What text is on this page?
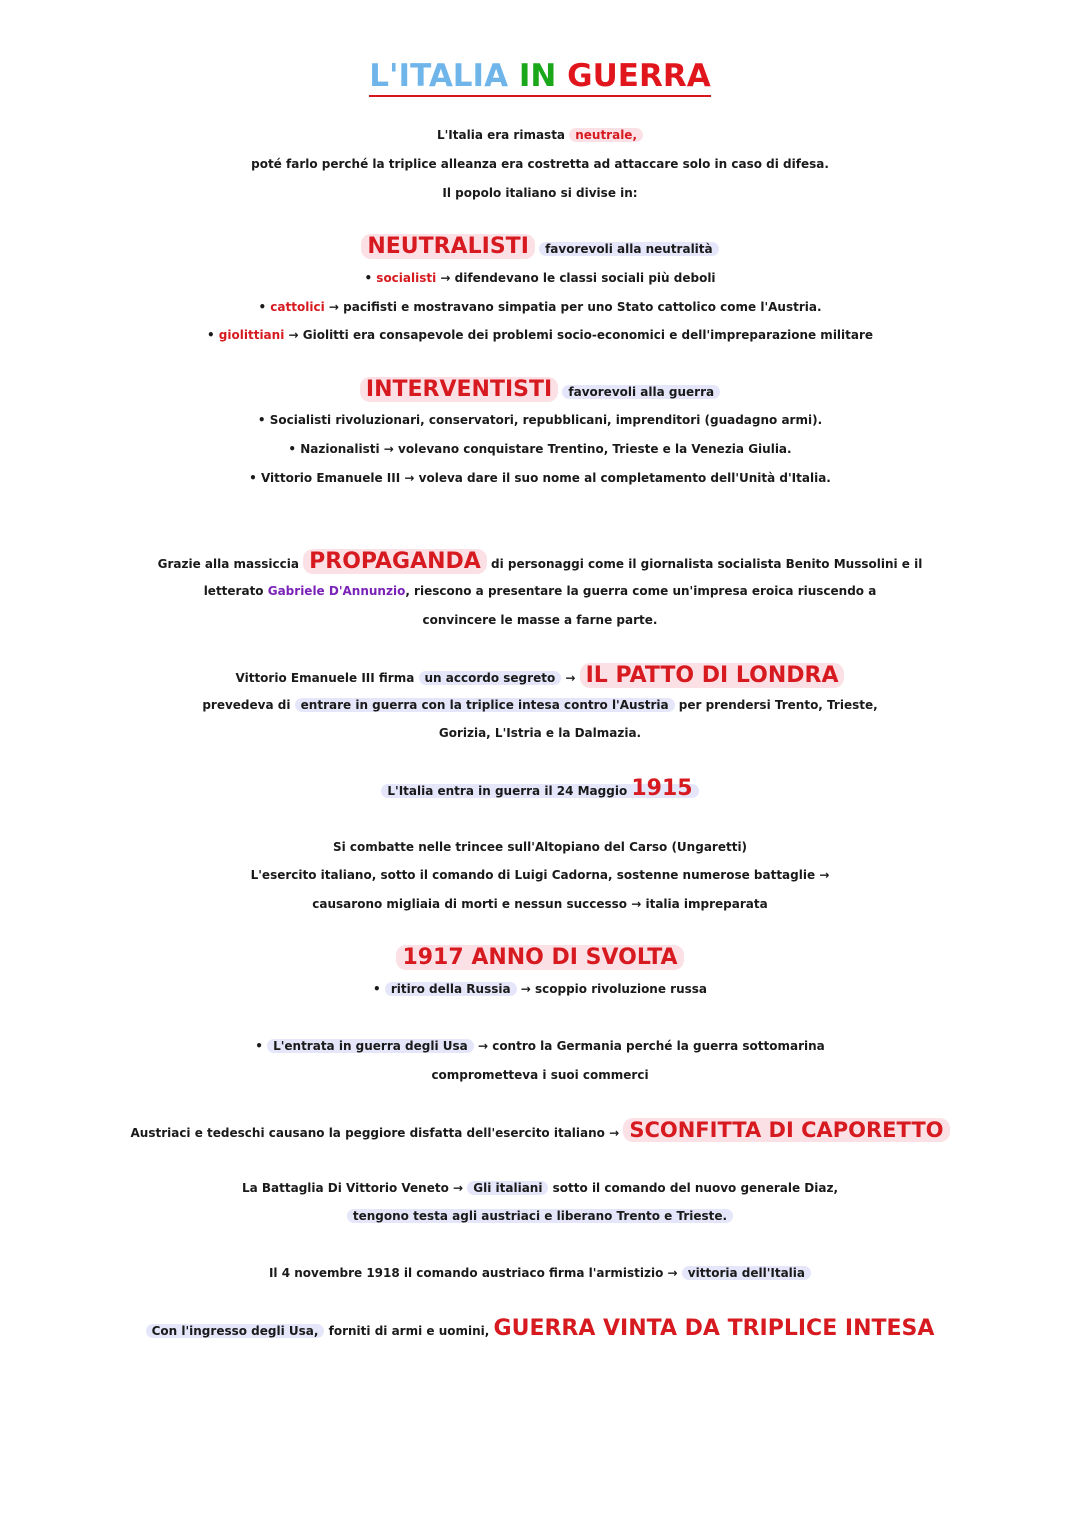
L'ITALIA IN GUERRA
L'Italia era rimasta neutrale,
poté farlo perché la triplice alleanza era costretta ad attaccare solo in caso di difesa.
Il popolo italiano si divise in:
NEUTRALISTI favorevoli alla neutralità
• socialisti → difendevano le classi sociali più deboli
• cattolici → pacifisti e mostravano simpatia per uno Stato cattolico come l'Austria.
• giolittiani → Giolitti era consapevole dei problemi socio-economici e dell'impreparazione militare
INTERVENTISTI favorevoli alla guerra
• Socialisti rivoluzionari, conservatori, repubblicani, imprenditori (guadagno armi).
• Nazionalisti → volevano conquistare Trentino, Trieste e la Venezia Giulia.
• Vittorio Emanuele III → voleva dare il suo nome al completamento dell'Unità d'Italia.
Grazie alla massiccia PROPAGANDA di personaggi come il giornalista socialista Benito Mussolini e il
letterato Gabriele D'Annunzio, riescono a presentare la guerra come un'impresa eroica riuscendo a
convincere le masse a farne parte.
Vittorio Emanuele III firma un accordo segreto → IL PATTO DI LONDRA
prevedeva di entrare in guerra con la triplice intesa contro l'Austria per prendersi Trento, Trieste,
Gorizia, L'Istria e la Dalmazia.
L'Italia entra in guerra il 24 Maggio 1915
Si combatte nelle trincee sull'Altopiano del Carso (Ungaretti)
L'esercito italiano, sotto il comando di Luigi Cadorna, sostenne numerose battaglie →
causarono migliaia di morti e nessun successo → italia impreparata
1917 ANNO DI SVOLTA
• ritiro della Russia → scoppio rivoluzione russa
• L'entrata in guerra degli Usa → contro la Germania perché la guerra sottomarina
comprometteva i suoi commerci
Austriaci e tedeschi causano la peggiore disfatta dell'esercito italiano → SCONFITTA DI CAPORETTO
La Battaglia Di Vittorio Veneto → Gli italiani sotto il comando del nuovo generale Diaz,
tengono testa agli austriaci e liberano Trento e Trieste.
Il 4 novembre 1918 il comando austriaco firma l'armistizio → vittoria dell'Italia
Con l'ingresso degli Usa, forniti di armi e uomini, GUERRA VINTA DA TRIPLICE INTESA
